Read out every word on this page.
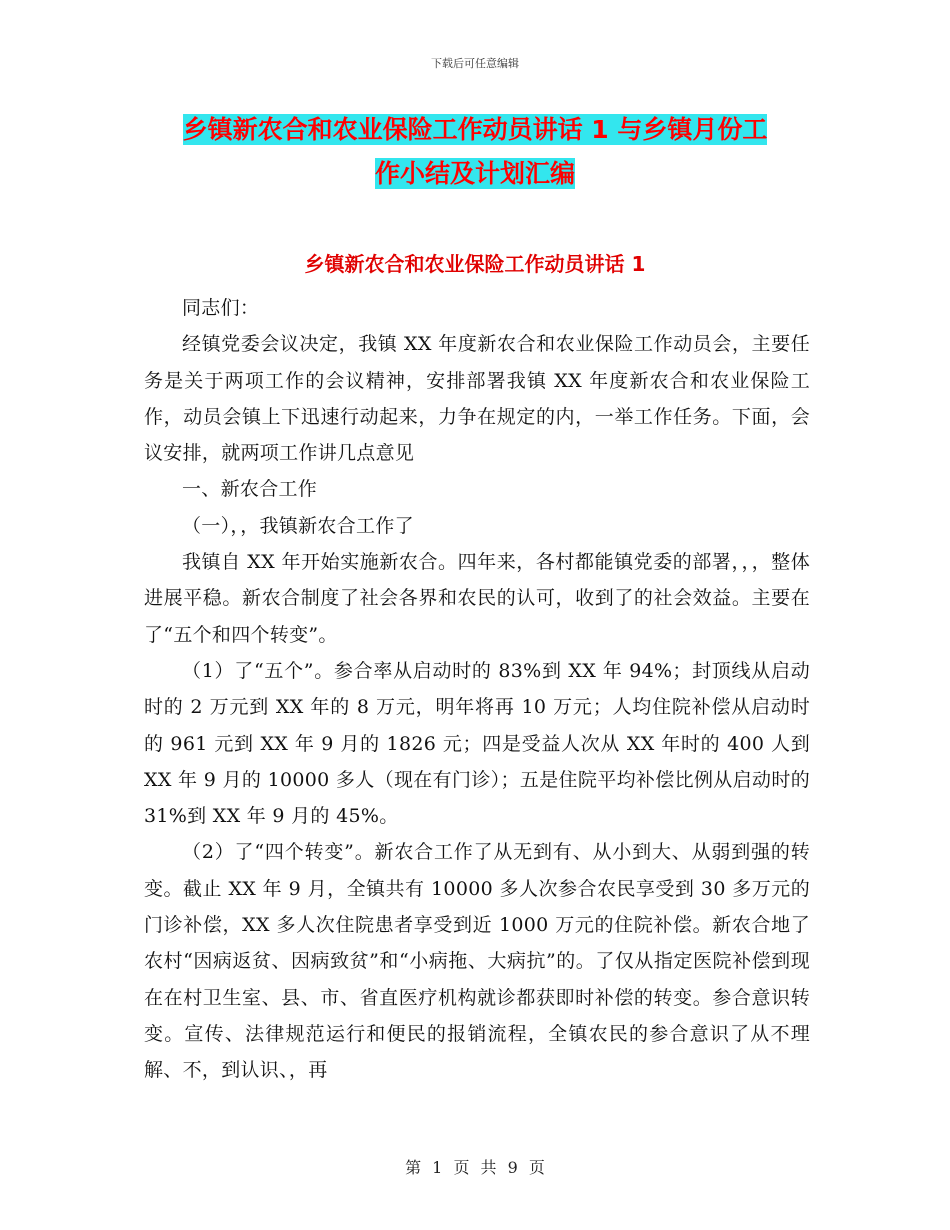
下载后可任意编辑
乡镇新农合和农业保险工作动员讲话 1 与乡镇月份工
作小结及计划汇编
乡镇新农合和农业保险工作动员讲话 1

同志们：

经镇党委会议决定，我镇 XX 年度新农合和农业保险工作动员会，主要任务是关于两项工作的会议精神，安排部署我镇 XX 年度新农合和农业保险工作，动员会镇上下迅速行动起来，力争在规定的内，一举工作任务。下面，会议安排，就两项工作讲几点意见

一、新农合工作

（一），，我镇新农合工作了

我镇自 XX 年开始实施新农合。四年来，各村都能镇党委的部署，，，整体进展平稳。新农合制度了社会各界和农民的认可，收到了的社会效益。主要在了“五个和四个转变”。

（1）了“五个”。参合率从启动时的 83%到 XX 年 94%；封顶线从启动时的 2 万元到 XX 年的 8 万元，明年将再 10 万元；人均住院补偿从启动时的 961 元到 XX 年 9 月的 1826 元；四是受益人次从 XX 年时的 400 人到 XX 年 9 月的 10000 多人（现在有门诊）；五是住院平均补偿比例从启动时的 31%到 XX 年 9 月的 45%。

（2）了“四个转变”。新农合工作了从无到有、从小到大、从弱到强的转变。截止 XX 年 9 月，全镇共有 10000 多人次参合农民享受到 30 多万元的门诊补偿，XX 多人次住院患者享受到近 1000 万元的住院补偿。新农合地了农村“因病返贫、因病致贫”和“小病拖、大病抗”的。了仅从指定医院补偿到现在在村卫生室、县、市、省直医疗机构就诊都获即时补偿的转变。参合意识转变。宣传、法律规范运行和便民的报销流程，全镇农民的参合意识了从不理解、不，到认识、，再

第 1 页 共 9 页
